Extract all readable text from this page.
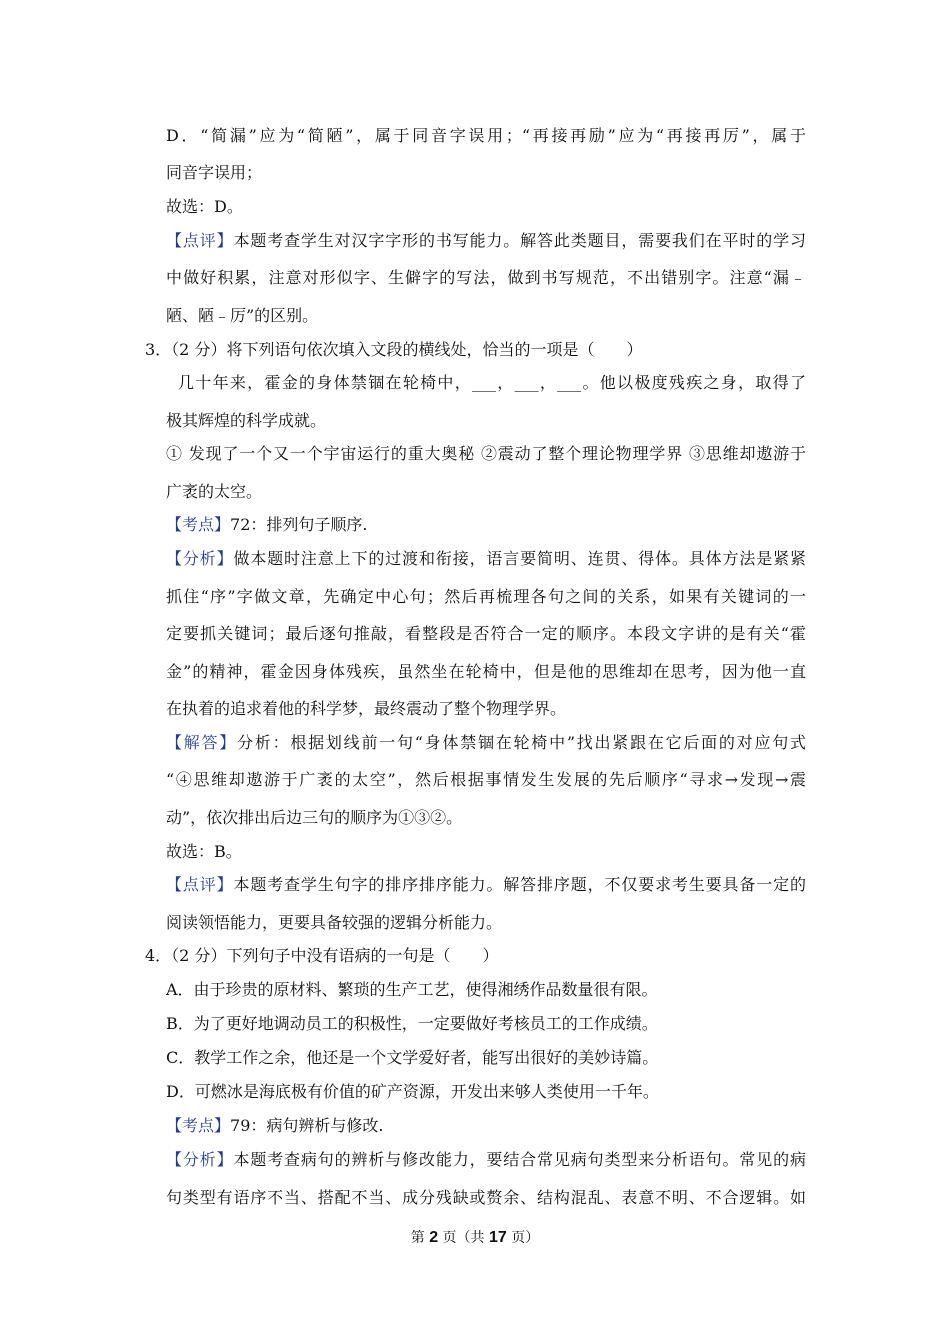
D．“简漏”应为“简陋”，属于同音字误用；“再接再励”应为“再接再厉”，属于
同音字误用；
故选：D。
【点评】本题考查学生对汉字字形的书写能力。解答此类题目，需要我们在平时的学习
中做好积累，注意对形似字、生僻字的写法，做到书写规范，不出错别字。注意“漏﹣
陋、陋﹣厉”的区别。
3．（2 分）将下列语句依次填入文段的横线处，恰当的一项是（　　）
几十年来，霍金的身体禁锢在轮椅中，___，___，___。他以极度残疾之身，取得了
极其辉煌的科学成就。
① 发现了一个又一个宇宙运行的重大奥秘 ②震动了整个理论物理学界 ③思维却遨游于
广袤的太空。
【考点】72：排列句子顺序.
【分析】做本题时注意上下的过渡和衔接，语言要简明、连贯、得体。具体方法是紧紧
抓住“序”字做文章，先确定中心句；然后再梳理各句之间的关系，如果有关键词的一
定要抓关键词；最后逐句推敲，看整段是否符合一定的顺序。本段文字讲的是有关“霍
金”的精神，霍金因身体残疾，虽然坐在轮椅中，但是他的思维却在思考，因为他一直
在执着的追求着他的科学梦，最终震动了整个物理学界。
【解答】分析：根据划线前一句“身体禁锢在轮椅中”找出紧跟在它后面的对应句式
“④思维却遨游于广袤的太空”，然后根据事情发生发展的先后顺序“寻求→发现→震
动”，依次排出后边三句的顺序为①③②。
故选：B。
【点评】本题考查学生句字的排序排序能力。解答排序题，不仅要求考生要具备一定的
阅读领悟能力，更要具备较强的逻辑分析能力。
4．（2 分）下列句子中没有语病的一句是（　　）
A．由于珍贵的原材料、繁琐的生产工艺，使得湘绣作品数量很有限。
B．为了更好地调动员工的积极性，一定要做好考核员工的工作成绩。
C．教学工作之余，他还是一个文学爱好者，能写出很好的美妙诗篇。
D．可燃冰是海底极有价值的矿产资源，开发出来够人类使用一千年。
【考点】79：病句辨析与修改.
【分析】本题考查病句的辨析与修改能力，要结合常见病句类型来分析语句。常见的病
句类型有语序不当、搭配不当、成分残缺或赘余、结构混乱、表意不明、不合逻辑。如
第 2 页（共 17 页）
